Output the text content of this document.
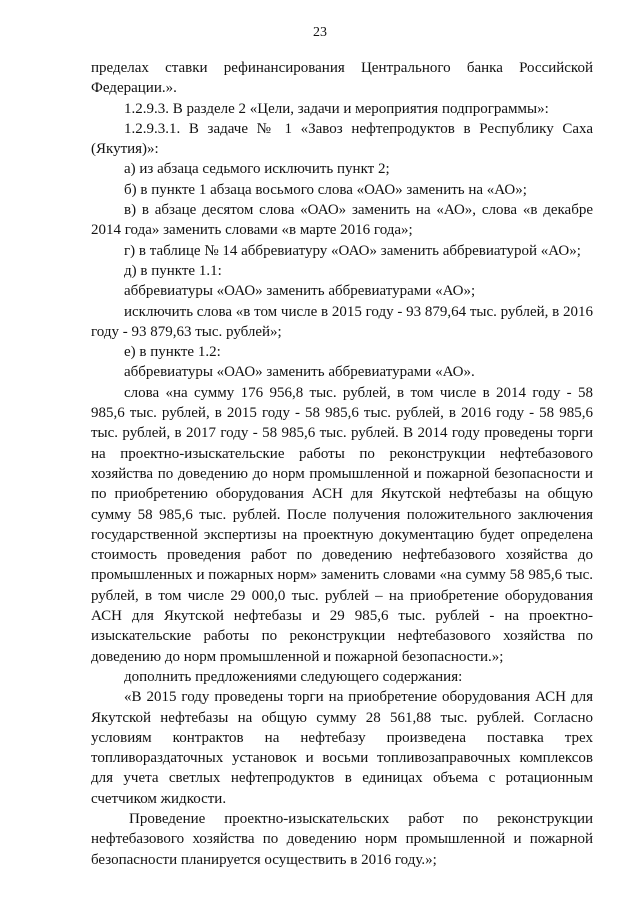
23

пределах ставки рефинансирования Центрального банка Российской Федерации.».

1.2.9.3. В разделе 2 «Цели, задачи и мероприятия подпрограммы»:

1.2.9.3.1. В задаче № 1 «Завоз нефтепродуктов в Республику Саха (Якутия)»:

а) из абзаца седьмого исключить пункт 2;

б) в пункте 1 абзаца восьмого слова «ОАО» заменить на «АО»;

в) в абзаце десятом слова «ОАО» заменить на «АО», слова «в декабре 2014 года» заменить словами «в марте 2016 года»;

г) в таблице № 14 аббревиатуру «ОАО» заменить аббревиатурой «АО»;

д) в пункте 1.1:

аббревиатуры «ОАО» заменить аббревиатурами «АО»;

исключить слова «в том числе в 2015 году - 93 879,64 тыс. рублей, в 2016 году - 93 879,63 тыс. рублей»;

е) в пункте 1.2:

аббревиатуры «ОАО» заменить аббревиатурами «АО».

слова «на сумму 176 956,8 тыс. рублей, в том числе в 2014 году - 58 985,6 тыс. рублей, в 2015 году - 58 985,6 тыс. рублей, в 2016 году - 58 985,6 тыс. рублей, в 2017 году - 58 985,6 тыс. рублей. В 2014 году проведены торги на проектно-изыскательские работы по реконструкции нефтебазового хозяйства по доведению до норм промышленной и пожарной безопасности и по приобретению оборудования АСН для Якутской нефтебазы на общую сумму 58 985,6 тыс. рублей. После получения положительного заключения государственной экспертизы на проектную документацию будет определена стоимость проведения работ по доведению нефтебазового хозяйства до промышленных и пожарных норм» заменить словами «на сумму 58 985,6 тыс. рублей, в том числе 29 000,0 тыс. рублей – на приобретение оборудования АСН для Якутской нефтебазы и 29 985,6 тыс. рублей - на проектно-изыскательские работы по реконструкции нефтебазового хозяйства по доведению до норм промышленной и пожарной безопасности.»;

дополнить предложениями следующего содержания:

«В 2015 году проведены торги на приобретение оборудования АСН для Якутской нефтебазы на общую сумму 28 561,88 тыс. рублей. Согласно условиям контрактов на нефтебазу произведена поставка трех топливораздаточных установок и восьми топливозаправочных комплексов для учета светлых нефтепродуктов в единицах объема с ротационным счетчиком жидкости.

Проведение проектно-изыскательских работ по реконструкции нефтебазового хозяйства по доведению норм промышленной и пожарной безопасности планируется осуществить в 2016 году.»;
